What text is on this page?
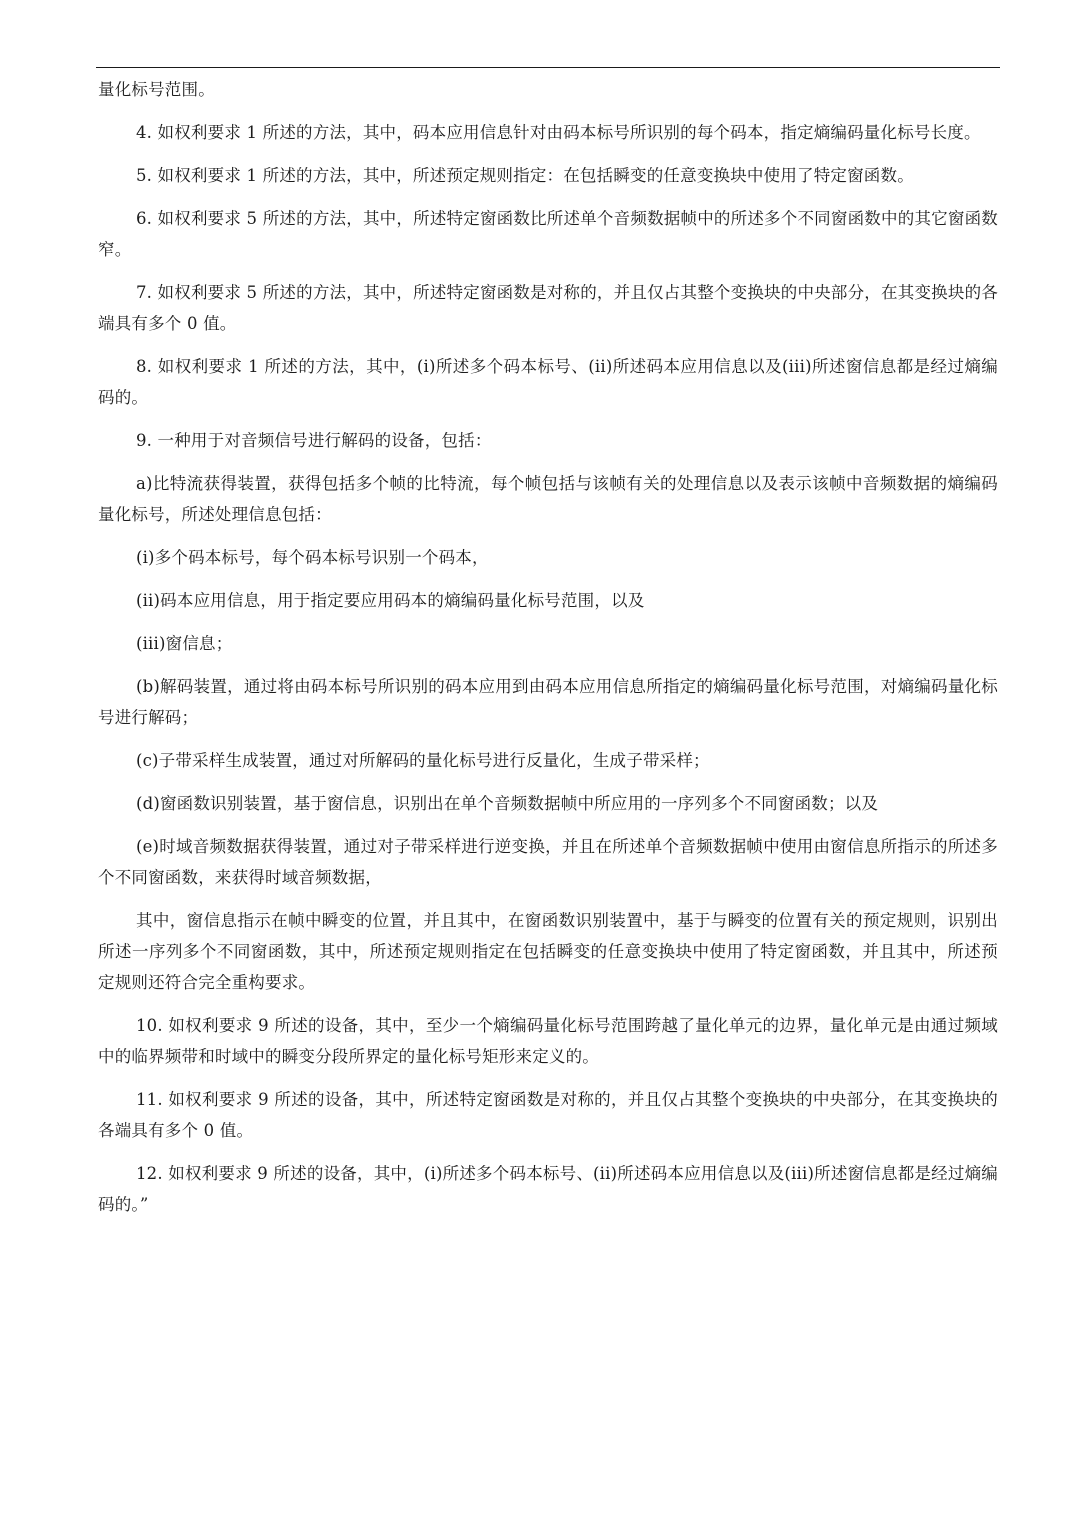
量化标号范围。

4. 如权利要求 1 所述的方法，其中，码本应用信息针对由码本标号所识别的每个码本，指定熵编码量化标号长度。

5. 如权利要求 1 所述的方法，其中，所述预定规则指定：在包括瞬变的任意变换块中使用了特定窗函数。

6. 如权利要求 5 所述的方法，其中，所述特定窗函数比所述单个音频数据帧中的所述多个不同窗函数中的其它窗函数窄。

7. 如权利要求 5 所述的方法，其中，所述特定窗函数是对称的，并且仅占其整个变换块的中央部分，在其变换块的各端具有多个 0 值。

8. 如权利要求 1 所述的方法，其中，(i)所述多个码本标号、(ii)所述码本应用信息以及(iii)所述窗信息都是经过熵编码的。

9. 一种用于对音频信号进行解码的设备，包括：

a)比特流获得装置，获得包括多个帧的比特流，每个帧包括与该帧有关的处理信息以及表示该帧中音频数据的熵编码量化标号，所述处理信息包括：

(i)多个码本标号，每个码本标号识别一个码本，

(ii)码本应用信息，用于指定要应用码本的熵编码量化标号范围，以及

(iii)窗信息；

(b)解码装置，通过将由码本标号所识别的码本应用到由码本应用信息所指定的熵编码量化标号范围，对熵编码量化标号进行解码；

(c)子带采样生成装置，通过对所解码的量化标号进行反量化，生成子带采样；

(d)窗函数识别装置，基于窗信息，识别出在单个音频数据帧中所应用的一序列多个不同窗函数；以及

(e)时域音频数据获得装置，通过对子带采样进行逆变换，并且在所述单个音频数据帧中使用由窗信息所指示的所述多个不同窗函数，来获得时域音频数据，

其中，窗信息指示在帧中瞬变的位置，并且其中，在窗函数识别装置中，基于与瞬变的位置有关的预定规则，识别出所述一序列多个不同窗函数，其中，所述预定规则指定在包括瞬变的任意变换块中使用了特定窗函数，并且其中，所述预定规则还符合完全重构要求。

10. 如权利要求 9 所述的设备，其中，至少一个熵编码量化标号范围跨越了量化单元的边界，量化单元是由通过频域中的临界频带和时域中的瞬变分段所界定的量化标号矩形来定义的。

11. 如权利要求 9 所述的设备，其中，所述特定窗函数是对称的，并且仅占其整个变换块的中央部分，在其变换块的各端具有多个 0 值。

12. 如权利要求 9 所述的设备，其中，(i)所述多个码本标号、(ii)所述码本应用信息以及(iii)所述窗信息都是经过熵编码的。”
